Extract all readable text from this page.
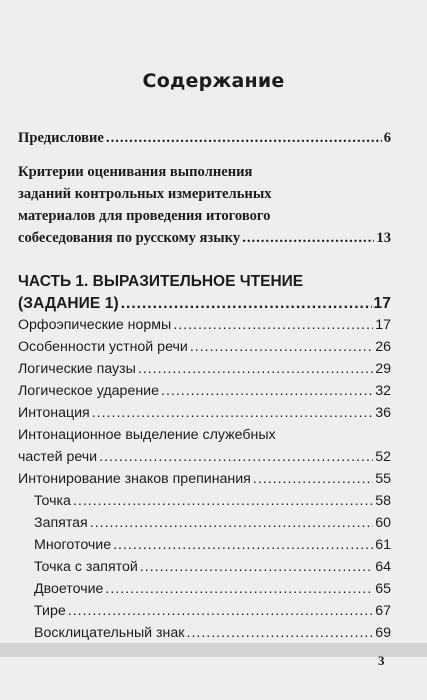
Содержание
Предисловие .....	6
Критерии оценивания выполнения
заданий контрольных измерительных
материалов для проведения итогового
собеседования по русскому языку .....	13
ЧАСТЬ 1. ВЫРАЗИТЕЛЬНОЕ ЧТЕНИЕ
(ЗАДАНИЕ 1) .....	17
Орфоэпические нормы .....	17
Особенности устной речи .....	26
Логические паузы .....	29
Логическое ударение .....	32
Интонация .....	36
Интонационное выделение служебных
частей речи .....	52
Интонирование знаков препинания .....	55
Точка .....	58
Запятая .....	60
Многоточие .....	61
Точка с запятой .....	64
Двоеточие .....	65
Тире .....	67
Восклицательный знак .....	69
3
